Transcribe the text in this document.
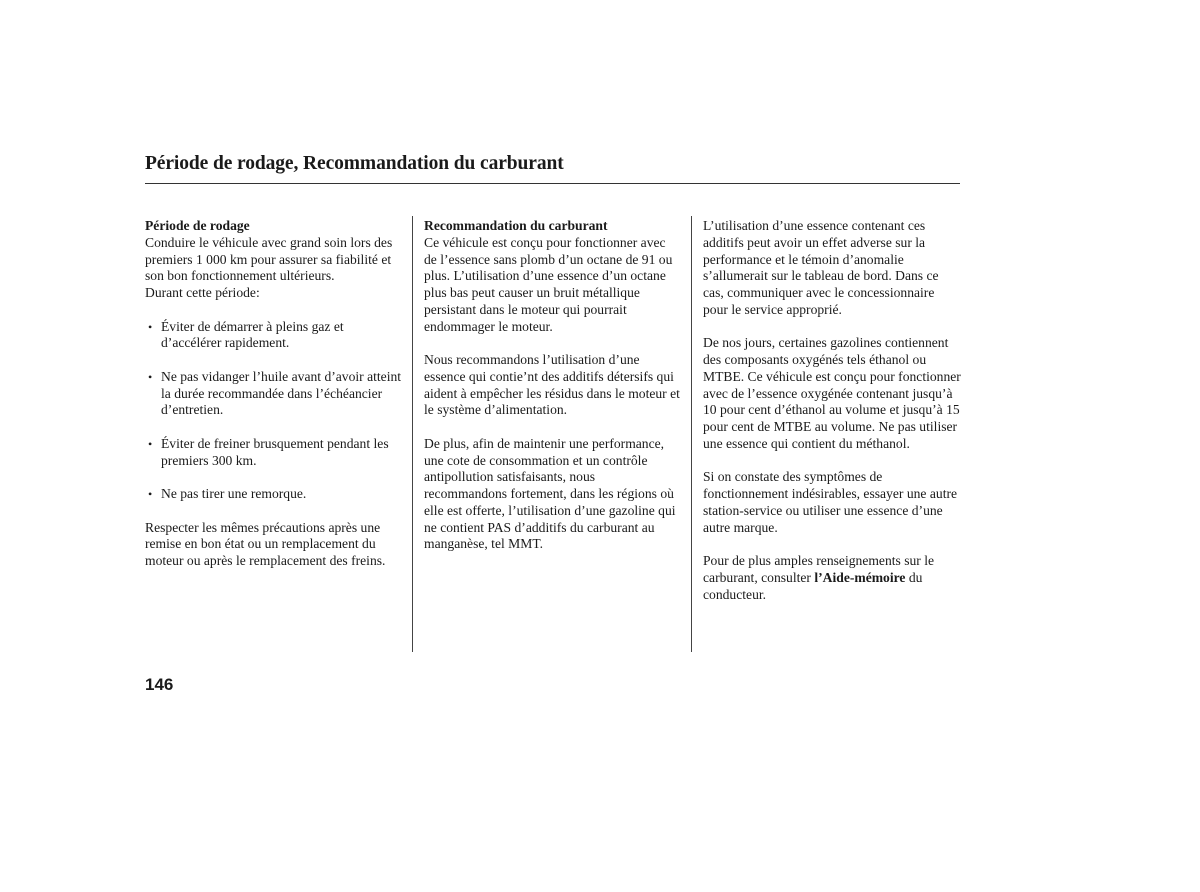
Période de rodage, Recommandation du carburant

Période de rodage

Conduire le véhicule avec grand soin lors des premiers 1 000 km pour assurer sa fiabilité et son bon fonctionnement ultérieurs.

Durant cette période:

• Éviter de démarrer à pleins gaz et d’accélérer rapidement.
• Ne pas vidanger l’huile avant d’avoir atteint la durée recommandée dans l’échéancier d’entretien.
• Éviter de freiner brusquement pendant les premiers 300 km.
• Ne pas tirer une remorque.

Respecter les mêmes précautions après une remise en bon état ou un remplacement du moteur ou après le remplacement des freins.

Recommandation du carburant

Ce véhicule est conçu pour fonctionner avec de l’essence sans plomb d’un octane de 91 ou plus. L’utilisation d’une essence d’un octane plus bas peut causer un bruit métallique persistant dans le moteur qui pourrait endommager le moteur.

Nous recommandons l’utilisation d’une essence qui contie’nt des additifs détersifs qui aident à empêcher les résidus dans le moteur et le système d’alimentation.

De plus, afin de maintenir une performance, une cote de consommation et un contrôle antipollution satisfaisants, nous recommandons fortement, dans les régions où elle est offerte, l’utilisation d’une gazoline qui ne contient PAS d’additifs du carburant au manganèse, tel MMT.

L’utilisation d’une essence contenant ces additifs peut avoir un effet adverse sur la performance et le témoin d’anomalie s’allumerait sur le tableau de bord. Dans ce cas, communiquer avec le concessionnaire pour le service approprié.

De nos jours, certaines gazolines contiennent des composants oxygénés tels éthanol ou MTBE. Ce véhicule est conçu pour fonctionner avec de l’essence oxygénée contenant jusqu’à 10 pour cent d’éthanol au volume et jusqu’à 15 pour cent de MTBE au volume. Ne pas utiliser une essence qui contient du méthanol.

Si on constate des symptômes de fonctionnement indésirables, essayer une autre station-service ou utiliser une essence d’une autre marque.

Pour de plus amples renseignements sur le carburant, consulter l’Aide-mémoire du conducteur.

146
